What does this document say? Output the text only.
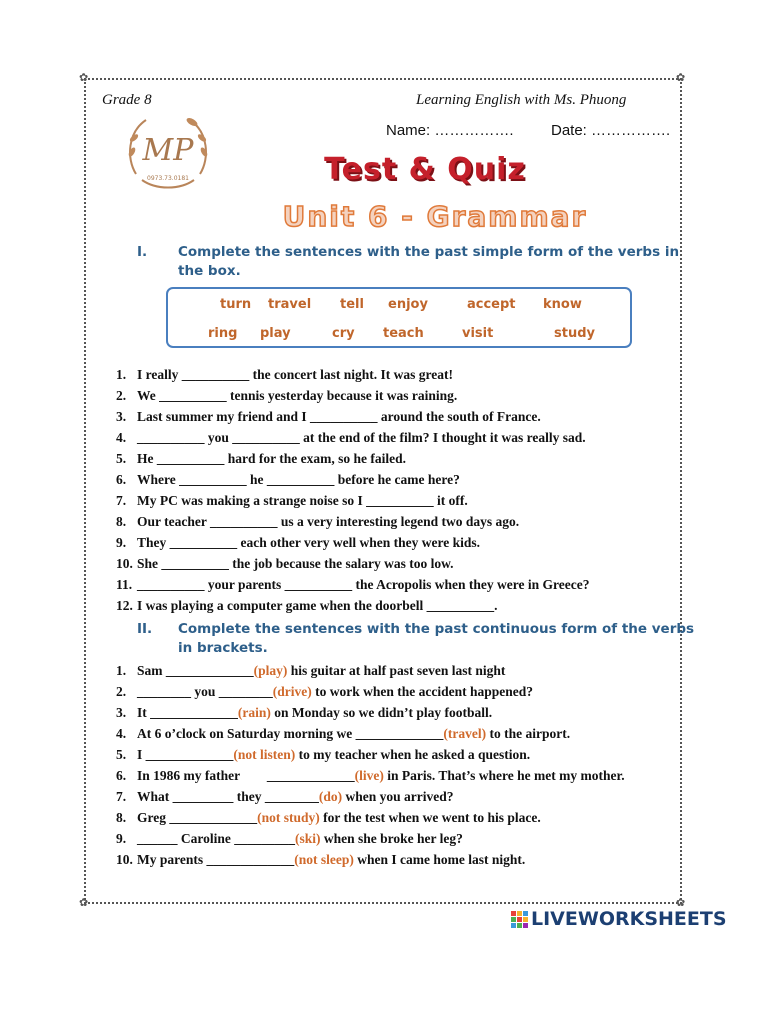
✿	✿
✿	✿
Grade 8	Learning English with Ms. Phuong
MP
0973.73.0181
Name: ……………. Date: …………….
Test & Quiz
Unit 6 - Grammar
I. Complete the sentences with the past simple form of the verbs in
the box.
turn travel tell enjoy	accept know
ring play	cry teach	visit	study
1. I really __________ the concert last night. It was great!
2. We __________ tennis yesterday because it was raining.
3. Last summer my friend and I __________ around the south of France.
4. __________ you __________ at the end of the film? I thought it was really sad.
5. He __________ hard for the exam, so he failed.
6. Where __________ he __________ before he came here?
7. My PC was making a strange noise so I __________ it off.
8. Our teacher __________ us a very interesting legend two days ago.
9. They __________ each other very well when they were kids.
10. She __________ the job because the salary was too low.
11. __________ your parents __________ the Acropolis when they were in Greece?
12. I was playing a computer game when the doorbell __________.
II. Complete the sentences with the past continuous form of the verbs
in brackets.
1. Sam _____________(play) his guitar at half past seven last night
2. ________ you ________(drive) to work when the accident happened?
3. It _____________(rain) on Monday so we didn’t play football.
4. At 6 o’clock on Saturday morning we _____________(travel) to the airport.
5. I _____________(not listen) to my teacher when he asked a question.
6. In 1986 my father        _____________(live) in Paris. That’s where he met my mother.
7. What _________ they ________(do) when you arrived?
8. Greg _____________(not study) for the test when we went to his place.
9. ______ Caroline _________(ski) when she broke her leg?
10. My parents _____________(not sleep) when I came home last night.
LIVEWORKSHEETS
